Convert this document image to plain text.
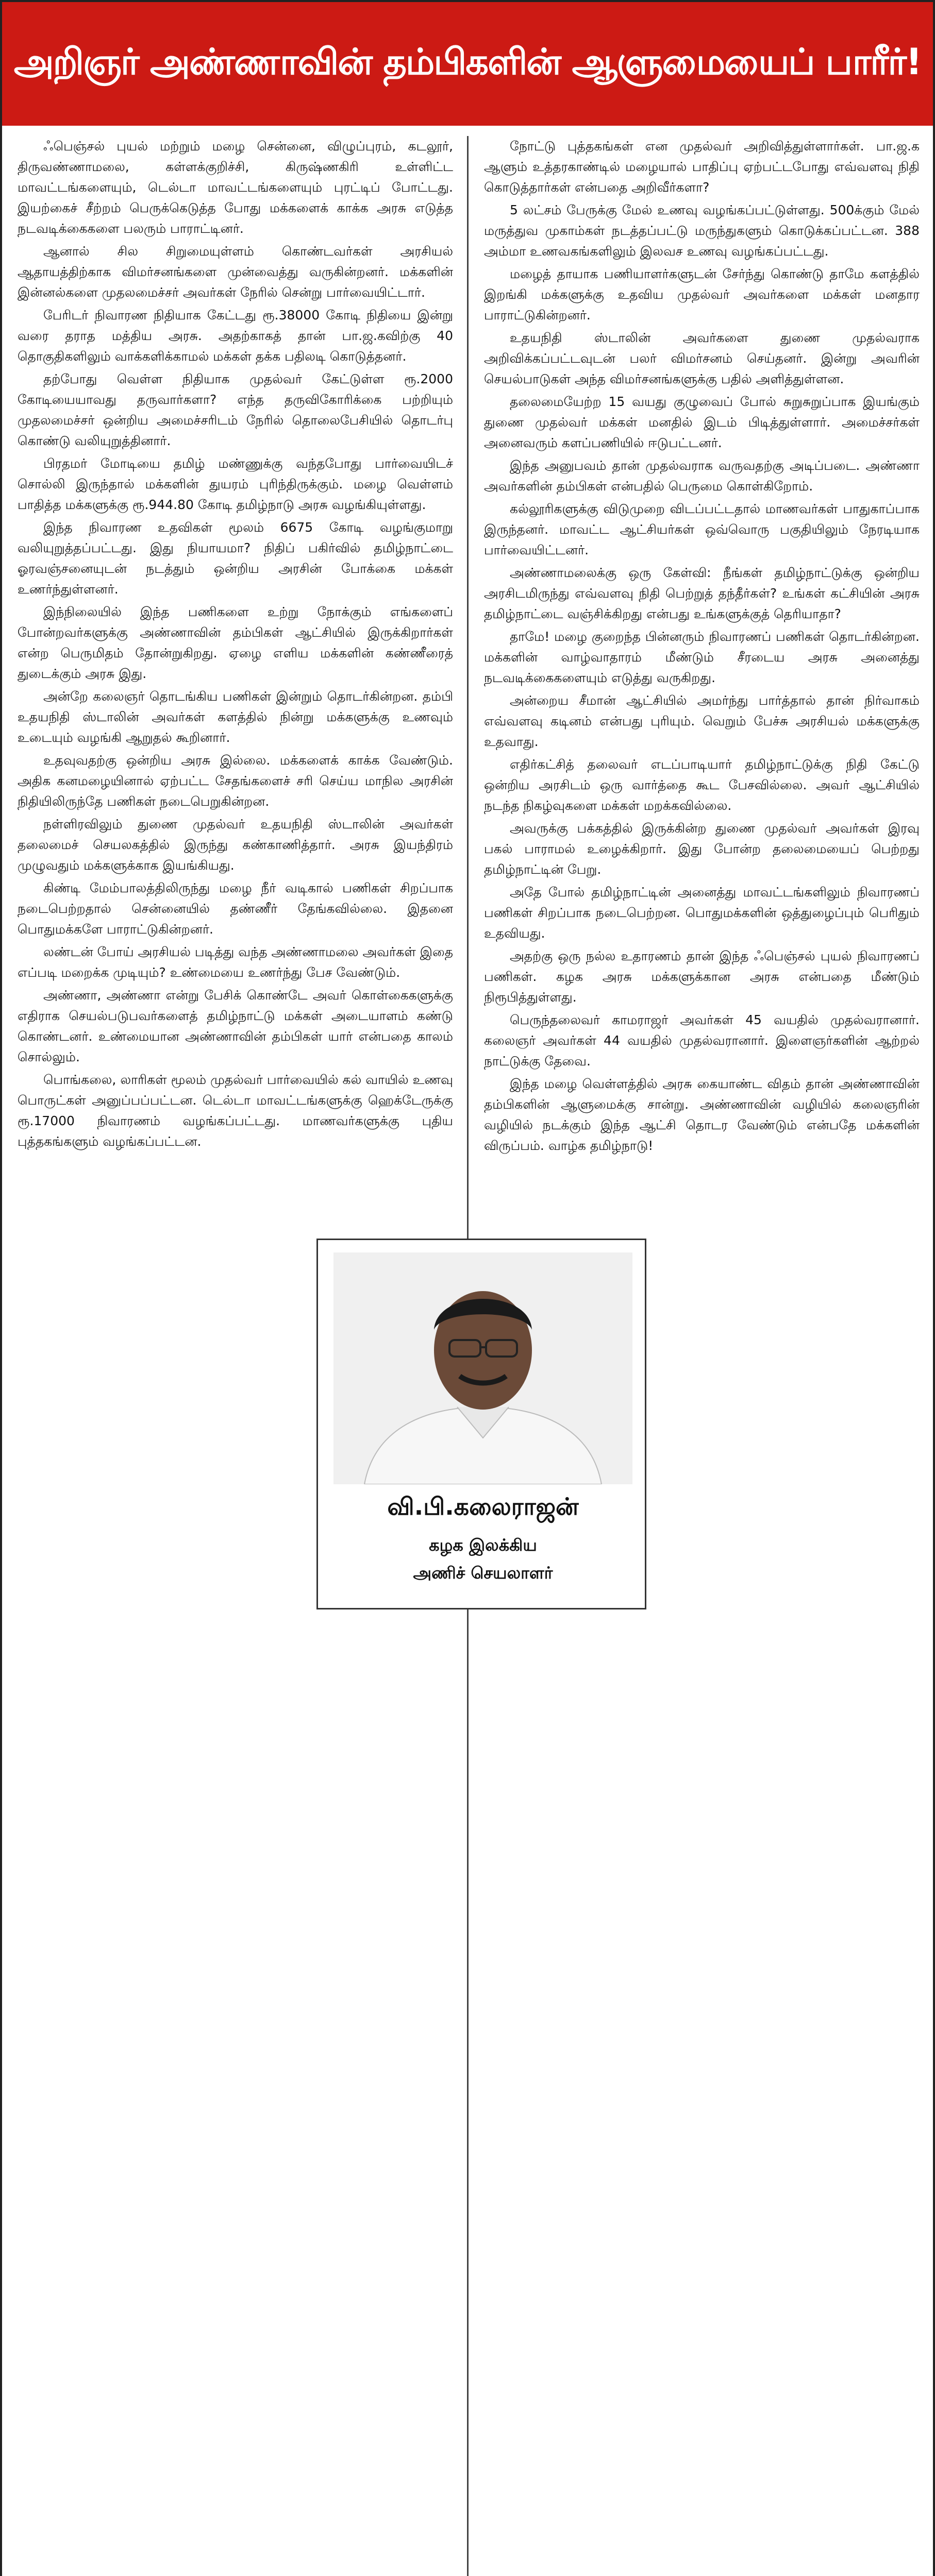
அறிஞர் அண்ணாவின் தம்பிகளின் ஆளுமையைப் பாரீர்!

ஃபெஞ்சல் புயல் மற்றும் மழை சென்னை, விழுப்புரம், கடலூர், திருவண்ணாமலை, கள்ளக்குறிச்சி, கிருஷ்ணகிரி உள்ளிட்ட மாவட்டங்களையும், டெல்டா மாவட்டங்களையும் புரட்டிப் போட்டது. இயற்கைச் சீற்றம் பெருக்கெடுத்த போது மக்களைக் காக்க அரசு எடுத்த நடவடிக்கைகளை பலரும் பாராட்டினர்.

ஆனால் சில சிறுமையுள்ளம் கொண்டவர்கள் அரசியல் ஆதாயத்திற்காக விமர்சனங்களை முன்வைத்து வருகின்றனர். மக்களின் இன்னல்களை முதலமைச்சர் அவர்கள் நேரில் சென்று பார்வையிட்டார்.

பேரிடர் நிவாரண நிதியாக கேட்டது ரூ.38000 கோடி நிதியை இன்று வரை தராத மத்திய அரசு. அதற்காகத் தான் பா.ஜ.கவிற்கு 40 தொகுதிகளிலும் வாக்களிக்காமல் மக்கள் தக்க பதிலடி கொடுத்தனர்.

தற்போது வெள்ள நிதியாக முதல்வர் கேட்டுள்ள ரூ.2000 கோடியையாவது தருவார்களா? எந்த தருவிகோரிக்கை பற்றியும் முதலமைச்சர் ஒன்றிய அமைச்சரிடம் நேரில் தொலைபேசியில் தொடர்பு கொண்டு வலியுறுத்தினார்.

பிரதமர் மோடியை தமிழ் மண்ணுக்கு வந்தபோது பார்வையிடச் சொல்லி இருந்தால் மக்களின் துயரம் புரிந்திருக்கும். மழை வெள்ளம் பாதித்த மக்களுக்கு ரூ.944.80 கோடி தமிழ்நாடு அரசு வழங்கியுள்ளது.

இந்த நிவாரண உதவிகள் மூலம் 6675 கோடி வழங்குமாறு வலியுறுத்தப்பட்டது. இது நியாயமா? நிதிப் பகிர்வில் தமிழ்நாட்டை ஓரவஞ்சனையுடன் நடத்தும் ஒன்றிய அரசின் போக்கை மக்கள் உணர்ந்துள்ளனர்.

இந்நிலையில் இந்த பணிகளை உற்று நோக்கும் எங்களைப் போன்றவர்களுக்கு அண்ணாவின் தம்பிகள் ஆட்சியில் இருக்கிறார்கள் என்ற பெருமிதம் தோன்றுகிறது. ஏழை எளிய மக்களின் கண்ணீரைத் துடைக்கும் அரசு இது.

அன்றே கலைஞர் தொடங்கிய பணிகள் இன்றும் தொடர்கின்றன. தம்பி உதயநிதி ஸ்டாலின் அவர்கள் களத்தில் நின்று மக்களுக்கு உணவும் உடையும் வழங்கி ஆறுதல் கூறினார்.

உதவுவதற்கு ஒன்றிய அரசு இல்லை. மக்களைக் காக்க வேண்டும். அதிக கனமழையினால் ஏற்பட்ட சேதங்களைச் சரி செய்ய மாநில அரசின் நிதியிலிருந்தே பணிகள் நடைபெறுகின்றன.

நள்ளிரவிலும் துணை முதல்வர் உதயநிதி ஸ்டாலின் அவர்கள் தலைமைச் செயலகத்தில் இருந்து கண்காணித்தார். அரசு இயந்திரம் முழுவதும் மக்களுக்காக இயங்கியது.

கிண்டி மேம்பாலத்திலிருந்து மழை நீர் வடிகால் பணிகள் சிறப்பாக நடைபெற்றதால் சென்னையில் தண்ணீர் தேங்கவில்லை. இதனை பொதுமக்களே பாராட்டுகின்றனர்.

லண்டன் போய் அரசியல் படித்து வந்த அண்ணாமலை அவர்கள் இதை எப்படி மறைக்க முடியும்? உண்மையை உணர்ந்து பேச வேண்டும்.

அண்ணா, அண்ணா என்று பேசிக் கொண்டே அவர் கொள்கைகளுக்கு எதிராக செயல்படுபவர்களைத் தமிழ்நாட்டு மக்கள் அடையாளம் கண்டு கொண்டனர். உண்மையான அண்ணாவின் தம்பிகள் யார் என்பதை காலம் சொல்லும்.

பொங்கலை, லாரிகள் மூலம் முதல்வர் பார்வையில் கல் வாயில் உணவு பொருட்கள் அனுப்பப்பட்டன. டெல்டா மாவட்டங்களுக்கு ஹெக்டேருக்கு ரூ.17000 நிவாரணம் வழங்கப்பட்டது. மாணவர்களுக்கு புதிய புத்தகங்களும் வழங்கப்பட்டன.

நோட்டு புத்தகங்கள் என முதல்வர் அறிவித்துள்ளார்கள். பா.ஜ.க ஆளும் உத்தரகாண்டில் மழையால் பாதிப்பு ஏற்பட்டபோது எவ்வளவு நிதி கொடுத்தார்கள் என்பதை அறிவீர்களா?

5 லட்சம் பேருக்கு மேல் உணவு வழங்கப்பட்டுள்ளது. 500க்கும் மேல் மருத்துவ முகாம்கள் நடத்தப்பட்டு மருந்துகளும் கொடுக்கப்பட்டன. 388 அம்மா உணவகங்களிலும் இலவச உணவு வழங்கப்பட்டது.

மழைத் தாயாக பணியாளர்களுடன் சேர்ந்து கொண்டு தாமே களத்தில் இறங்கி மக்களுக்கு உதவிய முதல்வர் அவர்களை மக்கள் மனதார பாராட்டுகின்றனர்.

உதயநிதி ஸ்டாலின் அவர்களை துணை முதல்வராக அறிவிக்கப்பட்டவுடன் பலர் விமர்சனம் செய்தனர். இன்று அவரின் செயல்பாடுகள் அந்த விமர்சனங்களுக்கு பதில் அளித்துள்ளன.

தலைமையேற்ற 15 வயது குழுவைப் போல் சுறுசுறுப்பாக இயங்கும் துணை முதல்வர் மக்கள் மனதில் இடம் பிடித்துள்ளார். அமைச்சர்கள் அனைவரும் களப்பணியில் ஈடுபட்டனர்.

இந்த அனுபவம் தான் முதல்வராக வருவதற்கு அடிப்படை. அண்ணா அவர்களின் தம்பிகள் என்பதில் பெருமை கொள்கிறோம்.

கல்லூரிகளுக்கு விடுமுறை விடப்பட்டதால் மாணவர்கள் பாதுகாப்பாக இருந்தனர். மாவட்ட ஆட்சியர்கள் ஒவ்வொரு பகுதியிலும் நேரடியாக பார்வையிட்டனர்.

அண்ணாமலைக்கு ஒரு கேள்வி: நீங்கள் தமிழ்நாட்டுக்கு ஒன்றிய அரசிடமிருந்து எவ்வளவு நிதி பெற்றுத் தந்தீர்கள்? உங்கள் கட்சியின் அரசு தமிழ்நாட்டை வஞ்சிக்கிறது என்பது உங்களுக்குத் தெரியாதா?

தாமே! மழை குறைந்த பின்னரும் நிவாரணப் பணிகள் தொடர்கின்றன. மக்களின் வாழ்வாதாரம் மீண்டும் சீரடைய அரசு அனைத்து நடவடிக்கைகளையும் எடுத்து வருகிறது.

அன்றைய சீமான் ஆட்சியில் அமர்ந்து பார்த்தால் தான் நிர்வாகம் எவ்வளவு கடினம் என்பது புரியும். வெறும் பேச்சு அரசியல் மக்களுக்கு உதவாது.

எதிர்கட்சித் தலைவர் எடப்பாடியார் தமிழ்நாட்டுக்கு நிதி கேட்டு ஒன்றிய அரசிடம் ஒரு வார்த்தை கூட பேசவில்லை. அவர் ஆட்சியில் நடந்த நிகழ்வுகளை மக்கள் மறக்கவில்லை.

அவருக்கு பக்கத்தில் இருக்கின்ற துணை முதல்வர் அவர்கள் இரவு பகல் பாராமல் உழைக்கிறார். இது போன்ற தலைமையைப் பெற்றது தமிழ்நாட்டின் பேறு.

அதே போல் தமிழ்நாட்டின் அனைத்து மாவட்டங்களிலும் நிவாரணப் பணிகள் சிறப்பாக நடைபெற்றன. பொதுமக்களின் ஒத்துழைப்பும் பெரிதும் உதவியது.

அதற்கு ஒரு நல்ல உதாரணம் தான் இந்த ஃபெஞ்சல் புயல் நிவாரணப் பணிகள். கழக அரசு மக்களுக்கான அரசு என்பதை மீண்டும் நிரூபித்துள்ளது.

பெருந்தலைவர் காமராஜர் அவர்கள் 45 வயதில் முதல்வரானார். கலைஞர் அவர்கள் 44 வயதில் முதல்வரானார். இளைஞர்களின் ஆற்றல் நாட்டுக்கு தேவை.

இந்த மழை வெள்ளத்தில் அரசு கையாண்ட விதம் தான் அண்ணாவின் தம்பிகளின் ஆளுமைக்கு சான்று. அண்ணாவின் வழியில் கலைஞரின் வழியில் நடக்கும் இந்த ஆட்சி தொடர வேண்டும் என்பதே மக்களின் விருப்பம். வாழ்க தமிழ்நாடு!

வி.பி.கலைராஜன்
கழக இலக்கிய
அணிச் செயலாளர்
